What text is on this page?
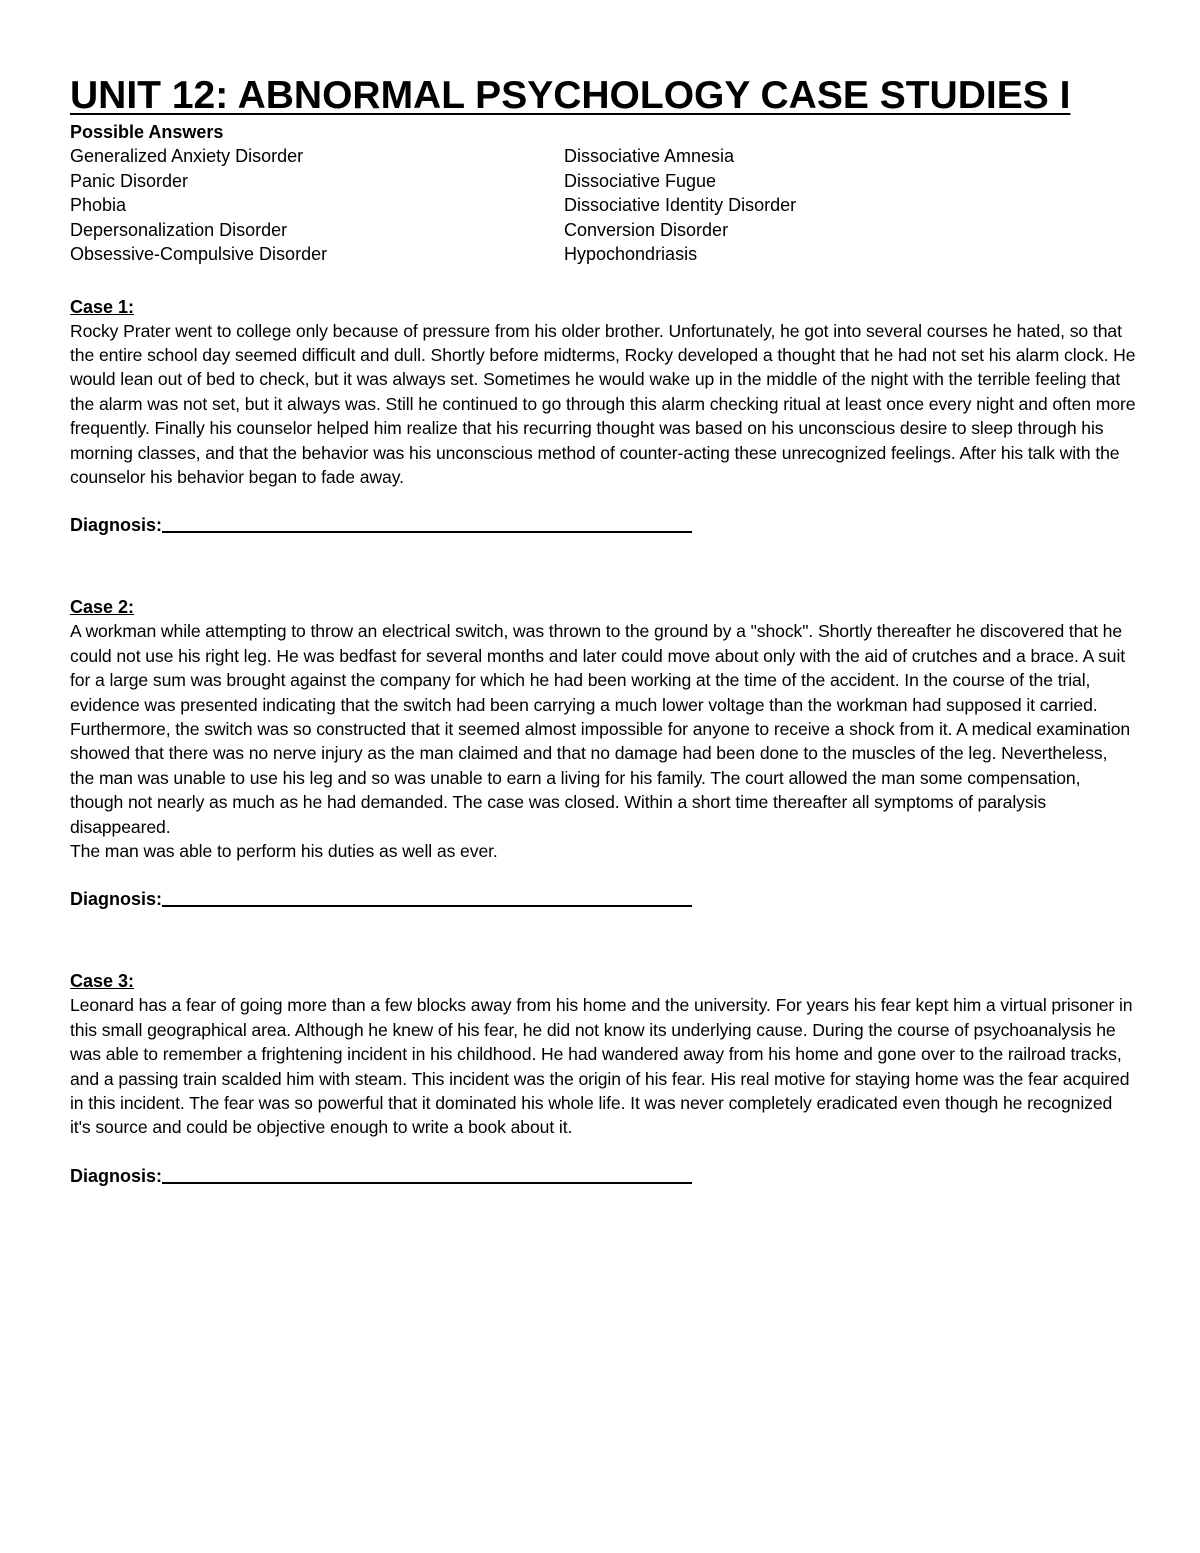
UNIT 12: ABNORMAL PSYCHOLOGY CASE STUDIES I
Possible Answers
Generalized Anxiety Disorder
Panic Disorder
Phobia
Depersonalization Disorder
Obsessive-Compulsive Disorder
Dissociative Amnesia
Dissociative Fugue
Dissociative Identity Disorder
Conversion Disorder
Hypochondriasis
Case 1:

Rocky Prater went to college only because of pressure from his older brother. Unfortunately, he got into several courses he hated, so that the entire school day seemed difficult and dull. Shortly before midterms, Rocky developed a thought that he had not set his alarm clock. He would lean out of bed to check, but it was always set. Sometimes he would wake up in the middle of the night with the terrible feeling that the alarm was not set, but it always was. Still he continued to go through this alarm checking ritual at least once every night and often more frequently. Finally his counselor helped him realize that his recurring thought was based on his unconscious desire to sleep through his morning classes, and that the behavior was his unconscious method of counter-acting these unrecognized feelings. After his talk with the counselor his behavior began to fade away.

Diagnosis:
Case 2:

A workman while attempting to throw an electrical switch, was thrown to the ground by a "shock". Shortly thereafter he discovered that he could not use his right leg. He was bedfast for several months and later could move about only with the aid of crutches and a brace. A suit for a large sum was brought against the company for which he had been working at the time of the accident. In the course of the trial, evidence was presented indicating that the switch had been carrying a much lower voltage than the workman had supposed it carried. Furthermore, the switch was so constructed that it seemed almost impossible for anyone to receive a shock from it. A medical examination showed that there was no nerve injury as the man claimed and that no damage had been done to the muscles of the leg. Nevertheless, the man was unable to use his leg and so was unable to earn a living for his family. The court allowed the man some compensation, though not nearly as much as he had demanded. The case was closed. Within a short time thereafter all symptoms of paralysis disappeared.
The man was able to perform his duties as well as ever.

Diagnosis:
Case 3:

Leonard has a fear of going more than a few blocks away from his home and the university. For years his fear kept him a virtual prisoner in this small geographical area. Although he knew of his fear, he did not know its underlying cause. During the course of psychoanalysis he was able to remember a frightening incident in his childhood. He had wandered away from his home and gone over to the railroad tracks, and a passing train scalded him with steam. This incident was the origin of his fear. His real motive for staying home was the fear acquired in this incident. The fear was so powerful that it dominated his whole life. It was never completely eradicated even though he recognized it's source and could be objective enough to write a book about it.

Diagnosis:
